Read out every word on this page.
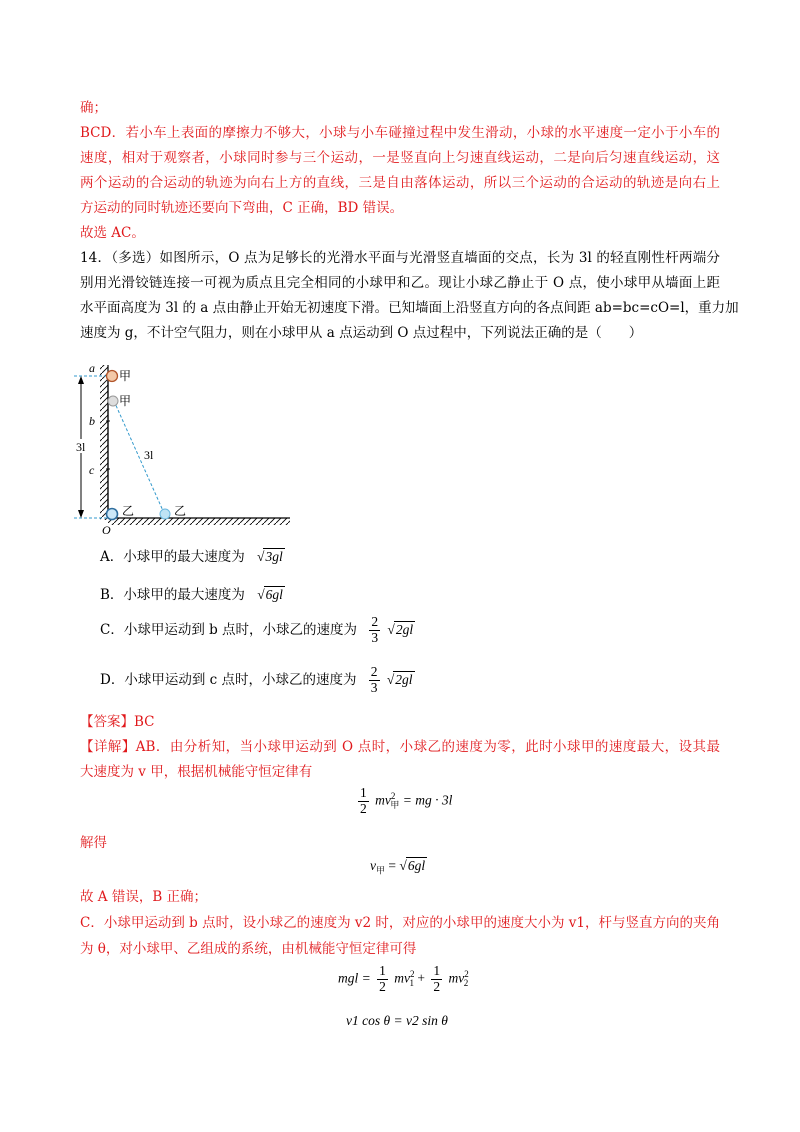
确；
BCD．若小车上表面的摩擦力不够大，小球与小车碰撞过程中发生滑动，小球的水平速度一定小于小车的
速度，相对于观察者，小球同时参与三个运动，一是竖直向上匀速直线运动，二是向后匀速直线运动，这
两个运动的合运动的轨迹为向右上方的直线，三是自由落体运动，所以三个运动的合运动的轨迹是向右上
方运动的同时轨迹还要向下弯曲，C 正确，BD 错误。
故选 AC。
14．（多选）如图所示，O 点为足够长的光滑水平面与光滑竖直墙面的交点，长为 3l 的轻直刚性杆两端分
别用光滑铰链连接一可视为质点且完全相同的小球甲和乙。现让小球乙静止于 O 点，使小球甲从墙面上距
水平面高度为 3l 的 a 点由静止开始无初速度下滑。已知墙面上沿竖直方向的各点间距 ab=bc=cO=l，重力加
速度为 g，不计空气阻力，则在小球甲从 a 点运动到 O 点过程中，下列说法正确的是（　　）
3l
a
b
c
O
3l
甲
甲
乙	乙
A．小球甲的最大速度为 √3gl
B．小球甲的最大速度为 √6gl
C．小球甲运动到 b 点时，小球乙的速度为 $\frac{2}{3} √2gl$
D．小球甲运动到 c 点时，小球乙的速度为 $\frac{2}{3} √2gl$
【答案】BC
【详解】AB．由分析知，当小球甲运动到 O 点时，小球乙的速度为零，此时小球甲的速度最大，设其最
大速度为 v 甲，根据机械能守恒定律有
$\frac{1}{2} mv^2_甲$ = mg · 3l
解得
$v_甲 = √6gl$
故 A 错误，B 正确；
C．小球甲运动到 b 点时，设小球乙的速度为 v2 时，对应的小球甲的速度大小为 v1，杆与竖直方向的夹角
为 θ，对小球甲、乙组成的系统，由机械能守恒定律可得
mgl = $\frac{1}{2} mv^2_1 + \frac{1}{2} mv^2_2$
v1 cos θ = v2 sin θ
